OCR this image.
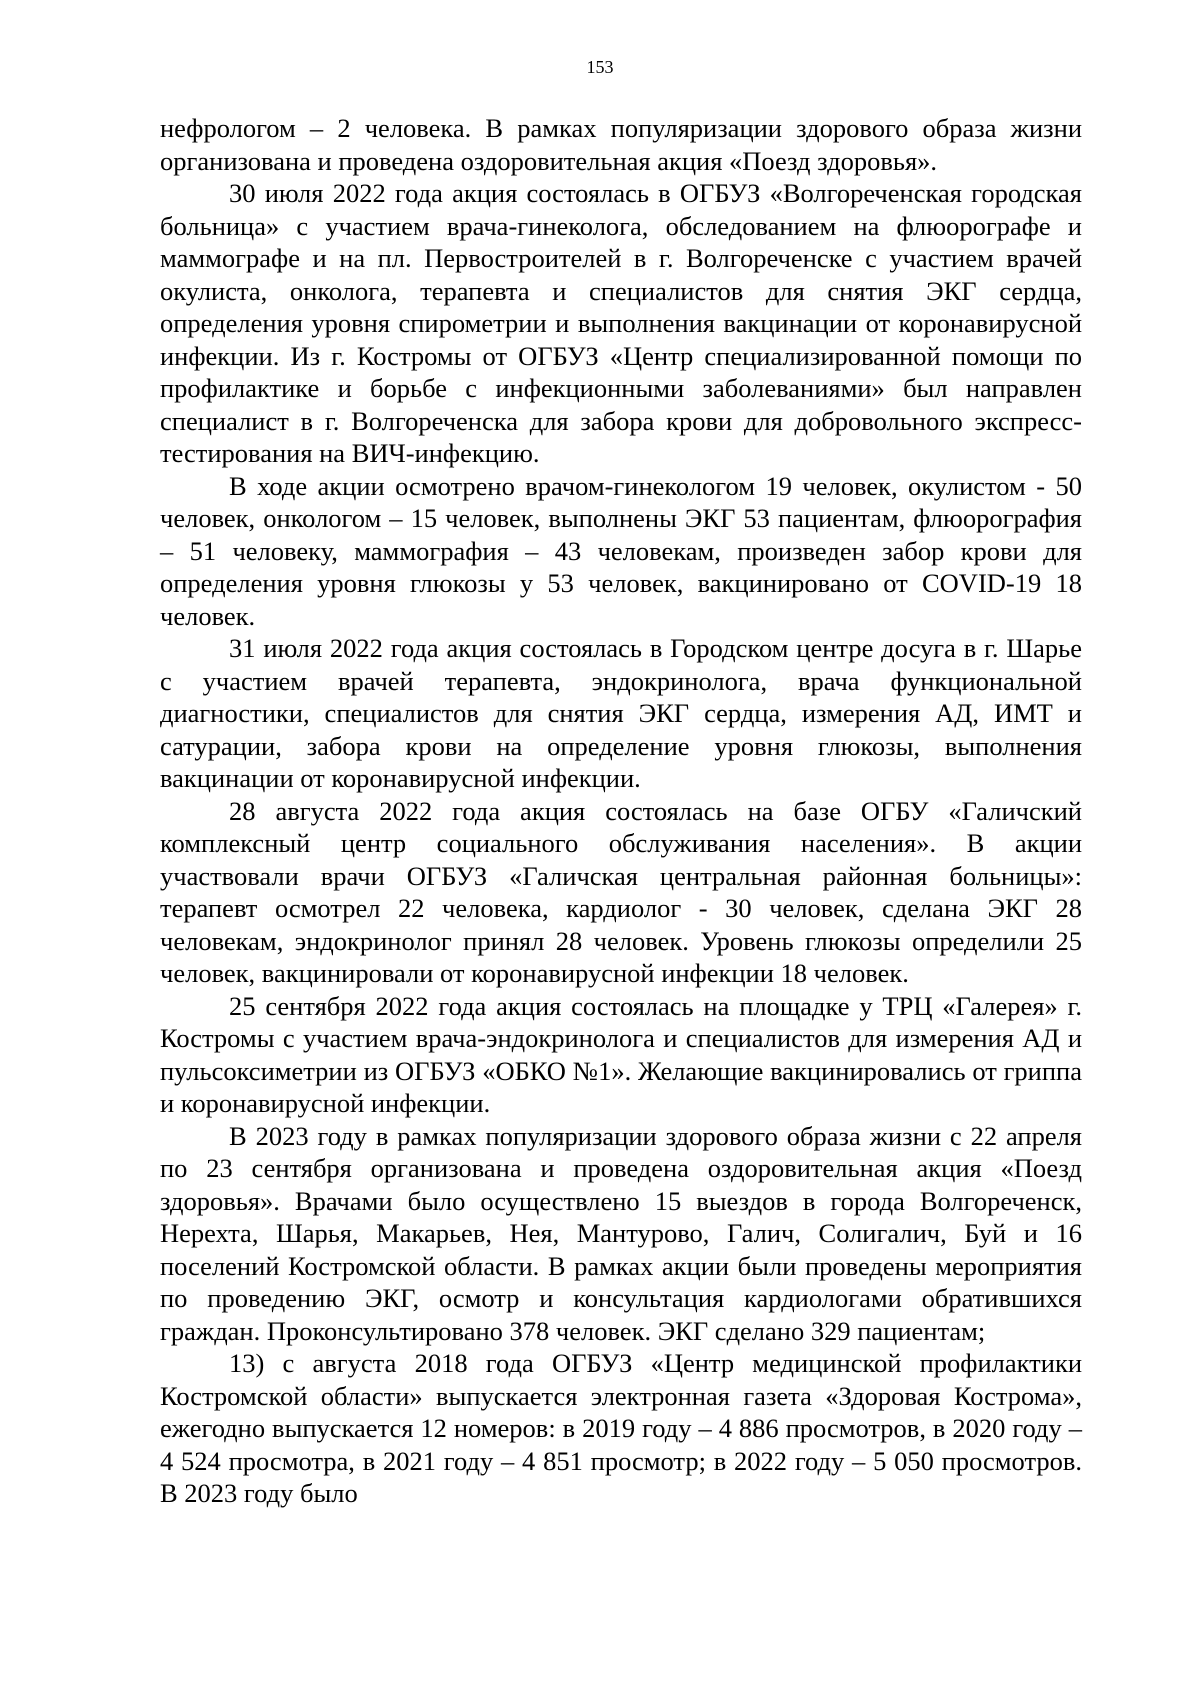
153

нефрологом – 2 человека. В рамках популяризации здорового образа жизни организована и проведена оздоровительная акция «Поезд здоровья».

30 июля 2022 года акция состоялась в ОГБУЗ «Волгореченская городская больница» с участием врача-гинеколога, обследованием на флюорографе и маммографе и на пл. Первостроителей в г. Волгореченске с участием врачей окулиста, онколога, терапевта и специалистов для снятия ЭКГ сердца, определения уровня спирометрии и выполнения вакцинации от коронавирусной инфекции. Из г. Костромы от ОГБУЗ «Центр специализированной помощи по профилактике и борьбе с инфекционными заболеваниями» был направлен специалист в г. Волгореченска для забора крови для добровольного экспресс-тестирования на ВИЧ-инфекцию.

В ходе акции осмотрено врачом-гинекологом 19 человек, окулистом - 50 человек, онкологом – 15 человек, выполнены ЭКГ 53 пациентам, флюорография – 51 человеку, маммография – 43 человекам, произведен забор крови для определения уровня глюкозы у 53 человек, вакцинировано от COVID-19 18 человек.

31 июля 2022 года акция состоялась в Городском центре досуга в г. Шарье с участием врачей терапевта, эндокринолога, врача функциональной диагностики, специалистов для снятия ЭКГ сердца, измерения АД, ИМТ и сатурации, забора крови на определение уровня глюкозы, выполнения вакцинации от коронавирусной инфекции.

28 августа 2022 года акция состоялась на базе ОГБУ «Галичский комплексный центр социального обслуживания населения». В акции участвовали врачи ОГБУЗ «Галичская центральная районная больницы»: терапевт осмотрел 22 человека, кардиолог - 30 человек, сделана ЭКГ 28 человекам, эндокринолог принял 28 человек. Уровень глюкозы определили 25 человек, вакцинировали от коронавирусной инфекции 18 человек.

25 сентября 2022 года акция состоялась на площадке у ТРЦ «Галерея» г. Костромы с участием врача-эндокринолога и специалистов для измерения АД и пульсоксиметрии из ОГБУЗ «ОБКО №1». Желающие вакцинировались от гриппа и коронавирусной инфекции.

В 2023 году в рамках популяризации здорового образа жизни с 22 апреля по 23 сентября организована и проведена оздоровительная акция «Поезд здоровья». Врачами было осуществлено 15 выездов в города Волгореченск, Нерехта, Шарья, Макарьев, Нея, Мантурово, Галич, Солигалич, Буй и 16 поселений Костромской области. В рамках акции были проведены мероприятия по проведению ЭКГ, осмотр и консультация кардиологами обратившихся граждан. Проконсультировано 378 человек. ЭКГ сделано 329 пациентам;

13) с августа 2018 года ОГБУЗ «Центр медицинской профилактики Костромской области» выпускается электронная газета «Здоровая Кострома», ежегодно выпускается 12 номеров: в 2019 году – 4 886 просмотров, в 2020 году – 4 524 просмотра, в 2021 году – 4 851 просмотр; в 2022 году – 5 050 просмотров. В 2023 году было
